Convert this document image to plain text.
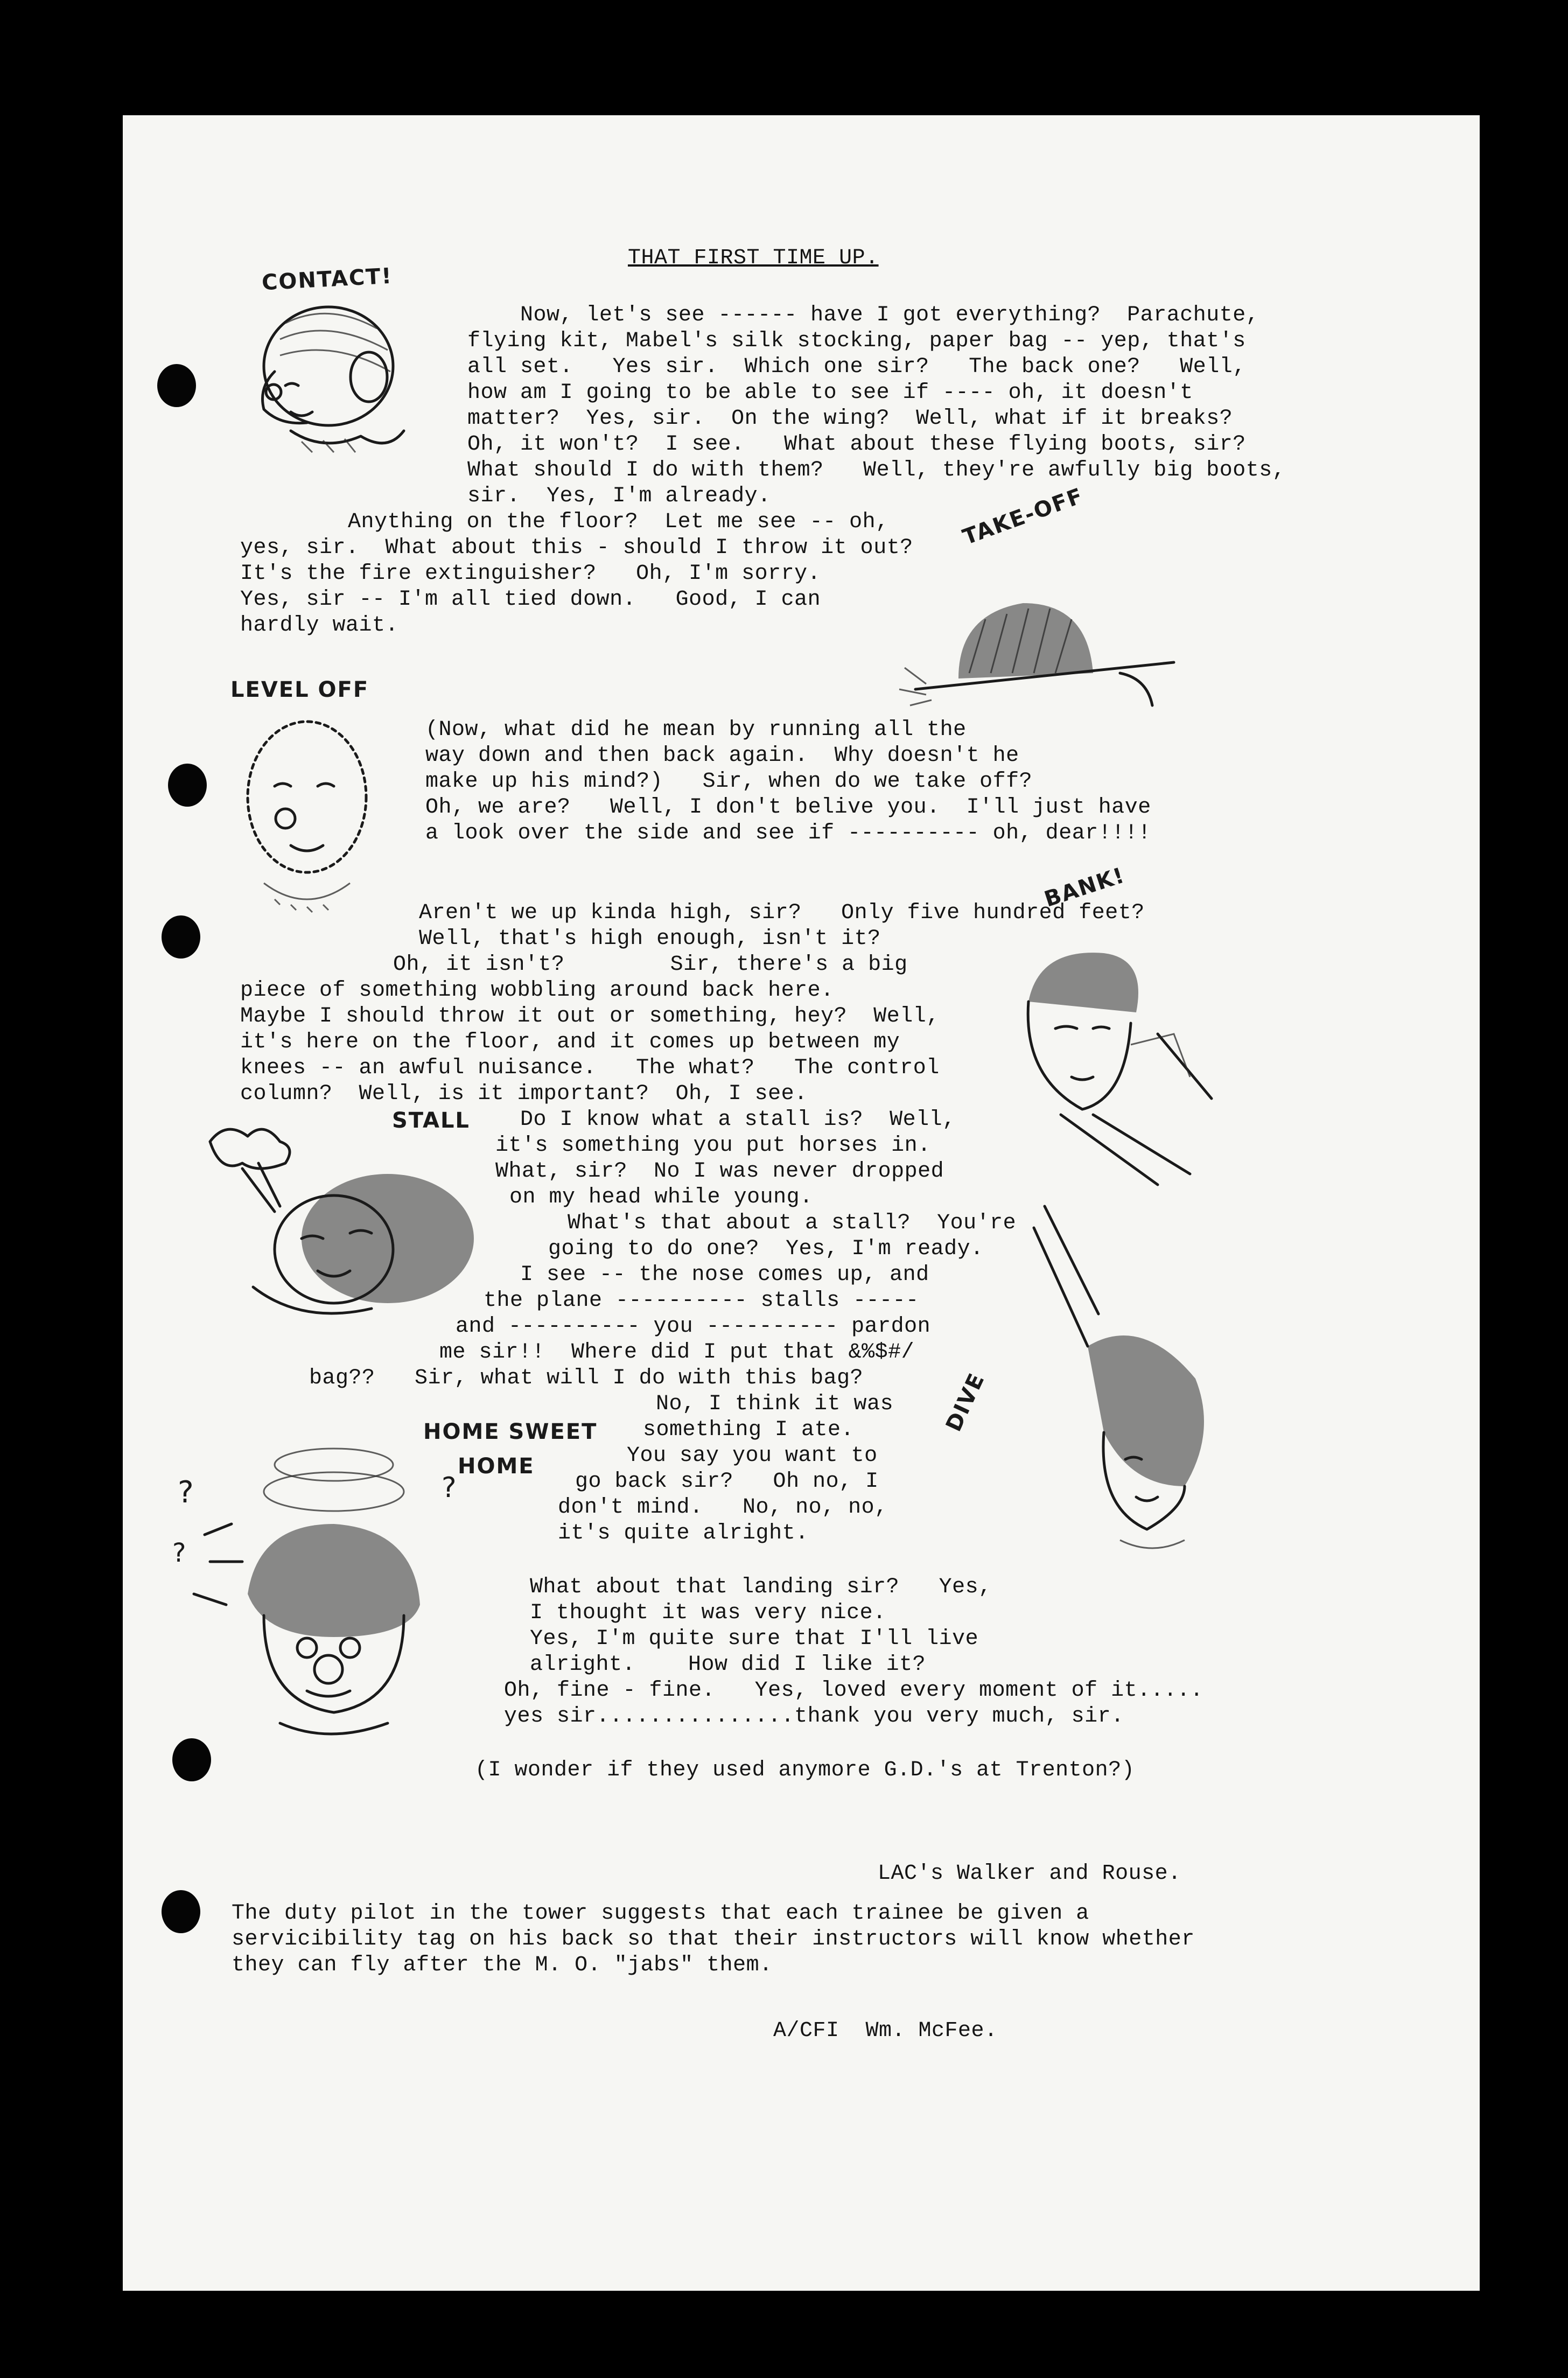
THAT FIRST TIME UP.
CONTACT!
TAKE-OFF
LEVEL OFF
BANK!
STALL
DIVE
HOME SWEET
HOME
Now, let's see ------ have I got everything?  Parachute,
flying kit, Mabel's silk stocking, paper bag -- yep, that's
all set.   Yes sir.  Which one sir?   The back one?   Well,
how am I going to be able to see if ---- oh, it doesn't
matter?  Yes, sir.  On the wing?  Well, what if it breaks?
Oh, it won't?  I see.   What about these flying boots, sir?
What should I do with them?   Well, they're awfully big boots,
sir.  Yes, I'm already.
Anything on the floor?  Let me see -- oh,
yes, sir.  What about this - should I throw it out?
It's the fire extinguisher?   Oh, I'm sorry.
Yes, sir -- I'm all tied down.   Good, I can
hardly wait.
(Now, what did he mean by running all the
way down and then back again.  Why doesn't he
make up his mind?)   Sir, when do we take off?
Oh, we are?   Well, I don't belive you.  I'll just have
a look over the side and see if ---------- oh, dear!!!!
Aren't we up kinda high, sir?   Only five hundred feet?
Well, that's high enough, isn't it?
Oh, it isn't?        Sir, there's a big
piece of something wobbling around back here.
Maybe I should throw it out or something, hey?  Well,
it's here on the floor, and it comes up between my
knees -- an awful nuisance.   The what?   The control
column?  Well, is it important?  Oh, I see.
Do I know what a stall is?  Well,
it's something you put horses in.
What, sir?  No I was never dropped
on my head while young.
What's that about a stall?  You're
going to do one?  Yes, I'm ready.
I see -- the nose comes up, and
the plane ---------- stalls -----
and ---------- you ---------- pardon
me sir!!  Where did I put that &%$#/
bag??   Sir, what will I do with this bag?
No, I think it was
something I ate.
You say you want to
go back sir?   Oh no, I
don't mind.   No, no, no,
it's quite alright.
What about that landing sir?   Yes,
I thought it was very nice.
Yes, I'm quite sure that I'll live
alright.    How did I like it?
Oh, fine - fine.   Yes, loved every moment of it.....
yes sir...............thank you very much, sir.
(I wonder if they used anymore G.D.'s at Trenton?)
LAC's Walker and Rouse.
The duty pilot in the tower suggests that each trainee be given a
servicibility tag on his back so that their instructors will know whether
they can fly after the M. O. "jabs" them.
A/CFI  Wm. McFee.
?
?
?
